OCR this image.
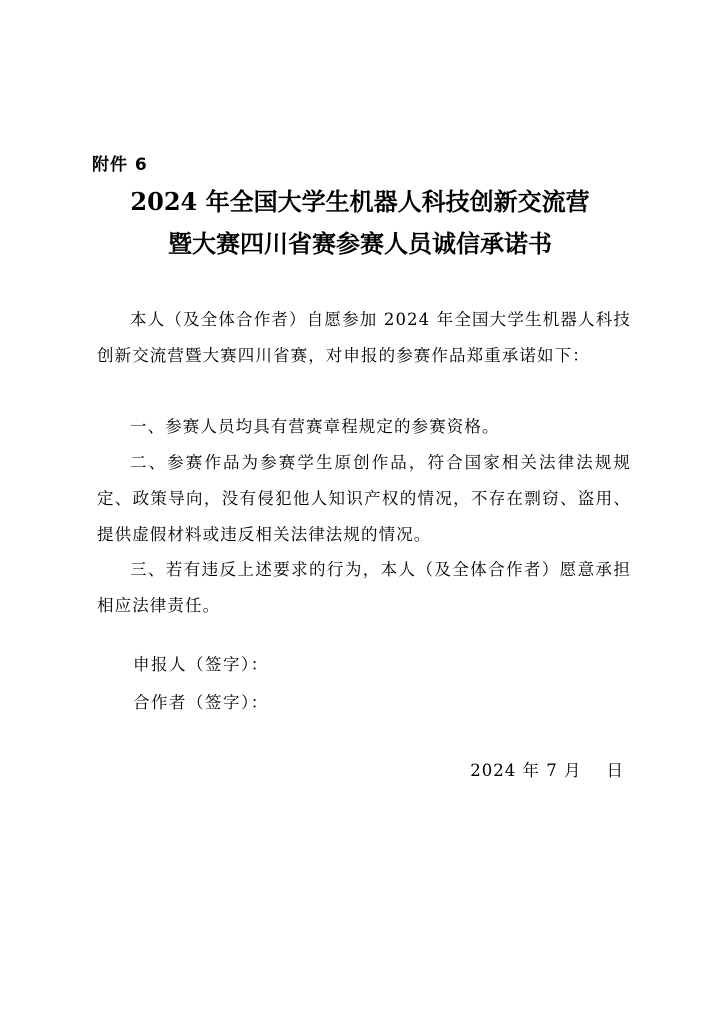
附件 6
2024 年全国大学生机器人科技创新交流营
暨大赛四川省赛参赛人员诚信承诺书

本人（及全体合作者）自愿参加 2024 年全国大学生机器人科技创新交流营暨大赛四川省赛，对申报的参赛作品郑重承诺如下：

一、参赛人员均具有营赛章程规定的参赛资格。

二、参赛作品为参赛学生原创作品，符合国家相关法律法规规定、政策导向，没有侵犯他人知识产权的情况，不存在剽窃、盗用、提供虚假材料或违反相关法律法规的情况。

三、若有违反上述要求的行为，本人（及全体合作者）愿意承担相应法律责任。

申报人（签字）：
合作者（签字）：
2024 年 7 月    日
